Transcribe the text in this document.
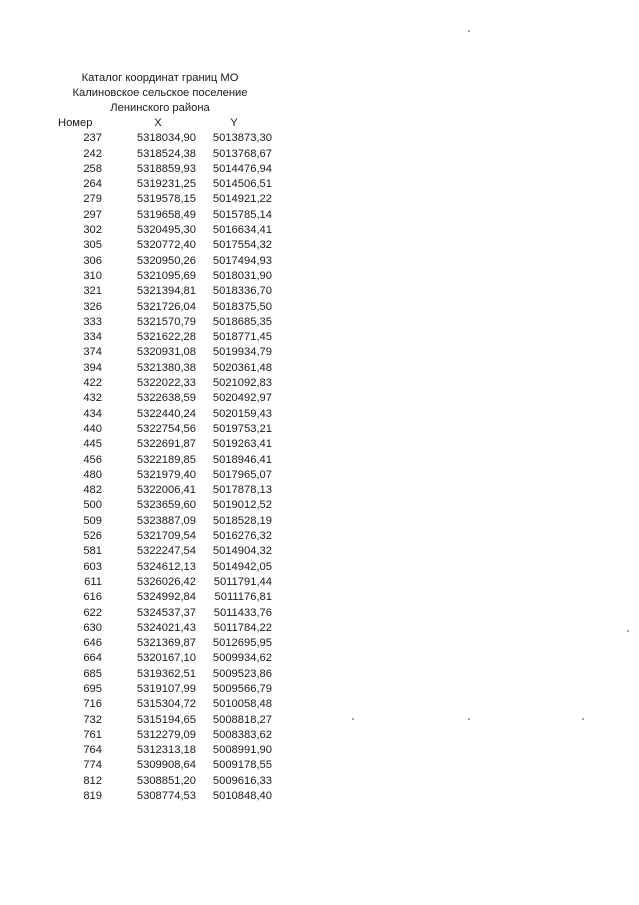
Каталог координат границ МО
Калиновское сельское поселение
Ленинского района
Номер	X	Y
237	5318034,90	5013873,30
242	5318524,38	5013768,67
258	5318859,93	5014476,94
264	5319231,25	5014506,51
279	5319578,15	5014921,22
297	5319658,49	5015785,14
302	5320495,30	5016634,41
305	5320772,40	5017554,32
306	5320950,26	5017494,93
310	5321095,69	5018031,90
321	5321394,81	5018336,70
326	5321726,04	5018375,50
333	5321570,79	5018685,35
334	5321622,28	5018771,45
374	5320931,08	5019934,79
394	5321380,38	5020361,48
422	5322022,33	5021092,83
432	5322638,59	5020492,97
434	5322440,24	5020159,43
440	5322754,56	5019753,21
445	5322691,87	5019263,41
456	5322189,85	5018946,41
480	5321979,40	5017965,07
482	5322006,41	5017878,13
500	5323659,60	5019012,52
509	5323887,09	5018528,19
526	5321709,54	5016276,32
581	5322247,54	5014904,32
603	5324612,13	5014942,05
611	5326026,42	5011791,44
616	5324992,84	5011176,81
622	5324537,37	5011433,76
630	5324021,43	5011784,22
646	5321369,87	5012695,95
664	5320167,10	5009934,62
685	5319362,51	5009523,86
695	5319107,99	5009566,79
716	5315304,72	5010058,48
732	5315194,65	5008818,27
761	5312279,09	5008383,62
764	5312313,18	5008991,90
774	5309908,64	5009178,55
812	5308851,20	5009616,33
819	5308774,53	5010848,40
